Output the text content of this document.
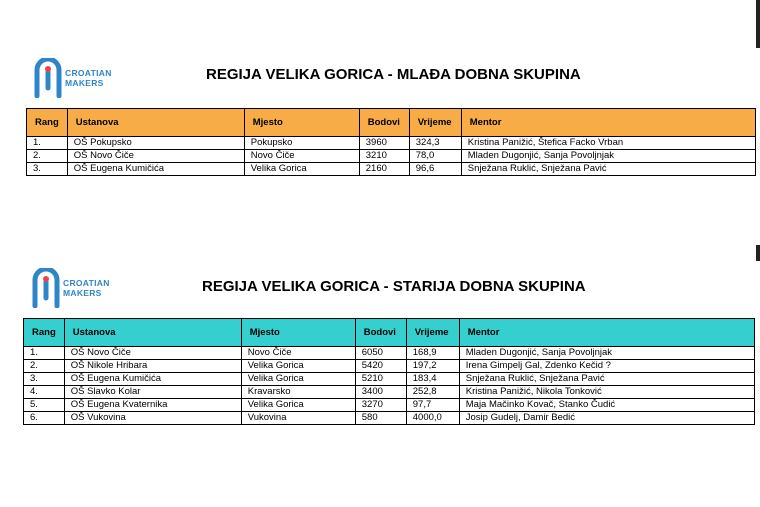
CROATIAN
MAKERS	REGIJA VELIKA GORICA - MLAĐA DOBNA SKUPINA
Rang	Ustanova	Mjesto	Bodovi	Vrijeme	Mentor
1.	OŠ Pokupsko	Pokupsko	3960	324,3	Kristina Panižić, Štefica Facko Vrban
2.	OŠ Novo Čiče	Novo Čiče	3210	78,0	Mladen Dugonjić, Sanja Povoljnjak
3.	OŠ Eugena Kumičića	Velika Gorica	2160	96,6	Snježana Ruklić, Snježana Pavić
CROATIAN
MAKERS	REGIJA VELIKA GORICA - STARIJA DOBNA SKUPINA
Rang	Ustanova	Mjesto	Bodovi	Vrijeme	Mentor
1.	OŠ Novo Čiče	Novo Čiče	6050	168,9	Mladen Dugonjić, Sanja Povoljnjak
2.	OŠ Nikole Hribara	Velika Gorica	5420	197,2	Irena Gimpelj Gal, Zdenko Kečid ?
3.	OŠ Eugena Kumičića	Velika Gorica	5210	183,4	Snježana Ruklić, Snježana Pavić
4.	OŠ Slavko Kolar	Kravarsko	3400	252,8	Kristina Panižić, Nikola Tonković
5.	OŠ Eugena Kvaternika	Velika Gorica	3270	97,7	Maja Mačinko Kovač, Stanko Čudić
6.	OŠ Vukovina	Vukovina	580	4000,0	Josip Gudelj, Damir Bedić
